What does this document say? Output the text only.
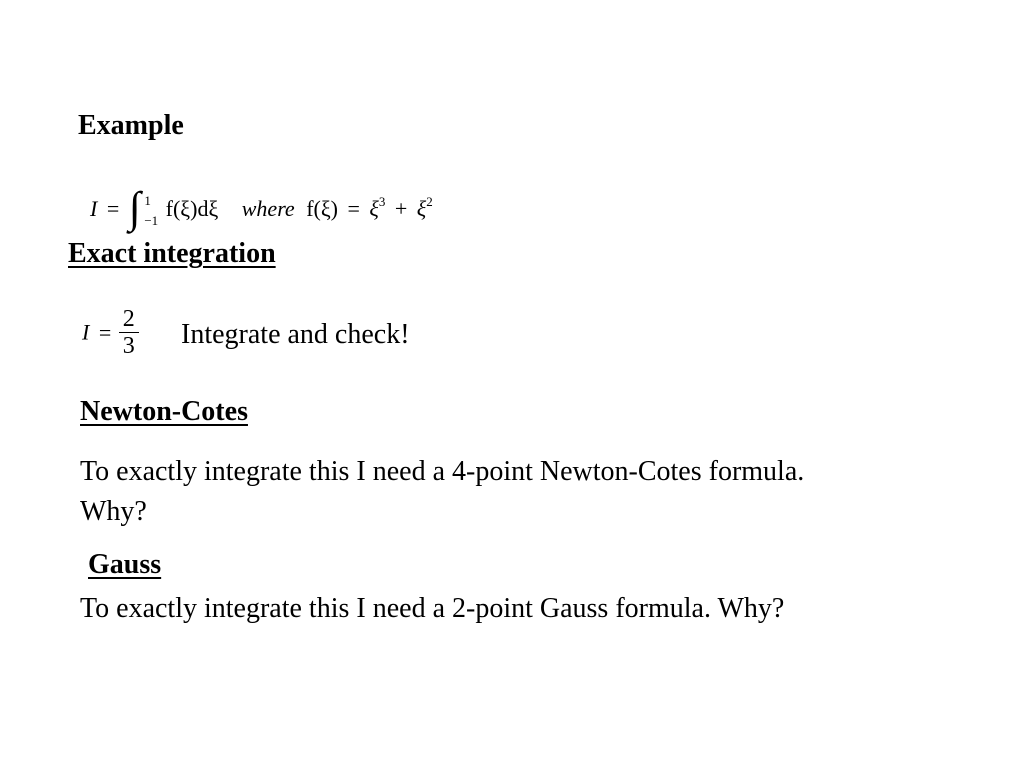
Example
I = ∫ 1
−1 f(ξ)dξ where $f(\xi) = \xi^3 + \xi^2$
Exact integration
$I = \frac{2}{3}$ Integrate and check!
Newton-Cotes
To exactly integrate this I need a 4-point Newton-Cotes formula. Why?
Gauss
To exactly integrate this I need a 2-point Gauss formula. Why?
